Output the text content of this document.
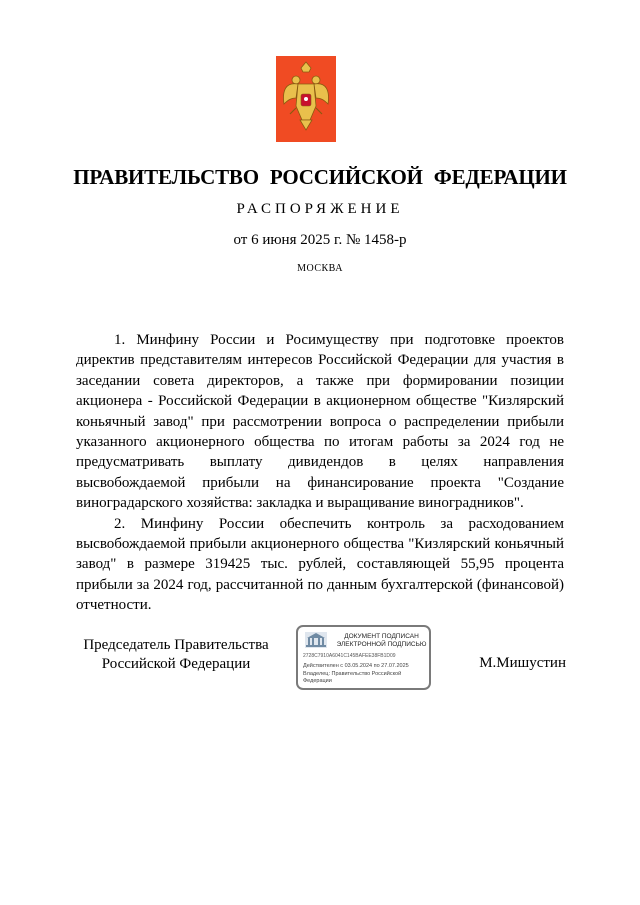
ПРАВИТЕЛЬСТВО РОССИЙСКОЙ ФЕДЕРАЦИИ
РАСПОРЯЖЕНИЕ
от 6 июня 2025 г. № 1458-р
МОСКВА

1. Минфину России и Росимуществу при подготовке проектов директив представителям интересов Российской Федерации для участия в заседании совета директоров, а также при формировании позиции акционера - Российской Федерации в акционерном обществе "Кизлярский коньячный завод" при рассмотрении вопроса о распределении прибыли указанного акционерного общества по итогам работы за 2024 год не предусматривать выплату дивидендов в целях направления высвобождаемой прибыли на финансирование проекта "Создание виноградарского хозяйства: закладка и выращивание виноградников".

2. Минфину России обеспечить контроль за расходованием высвобождаемой прибыли акционерного общества "Кизлярский коньячный завод" в размере 319425 тыс. рублей, составляющей 55,95 процента прибыли за 2024 год, рассчитанной по данным бухгалтерской (финансовой) отчетности.

Председатель Правительства
Российской Федерации
ДОКУМЕНТ ПОДПИСАН
ЭЛЕКТРОННОЙ ПОДПИСЬЮ
2728C7910A6041C145BAFEE38FB1D09
Действителен с 03.05.2024 по 27.07.2025
Владелец: Правительство Российской Федерации
М.Мишустин
